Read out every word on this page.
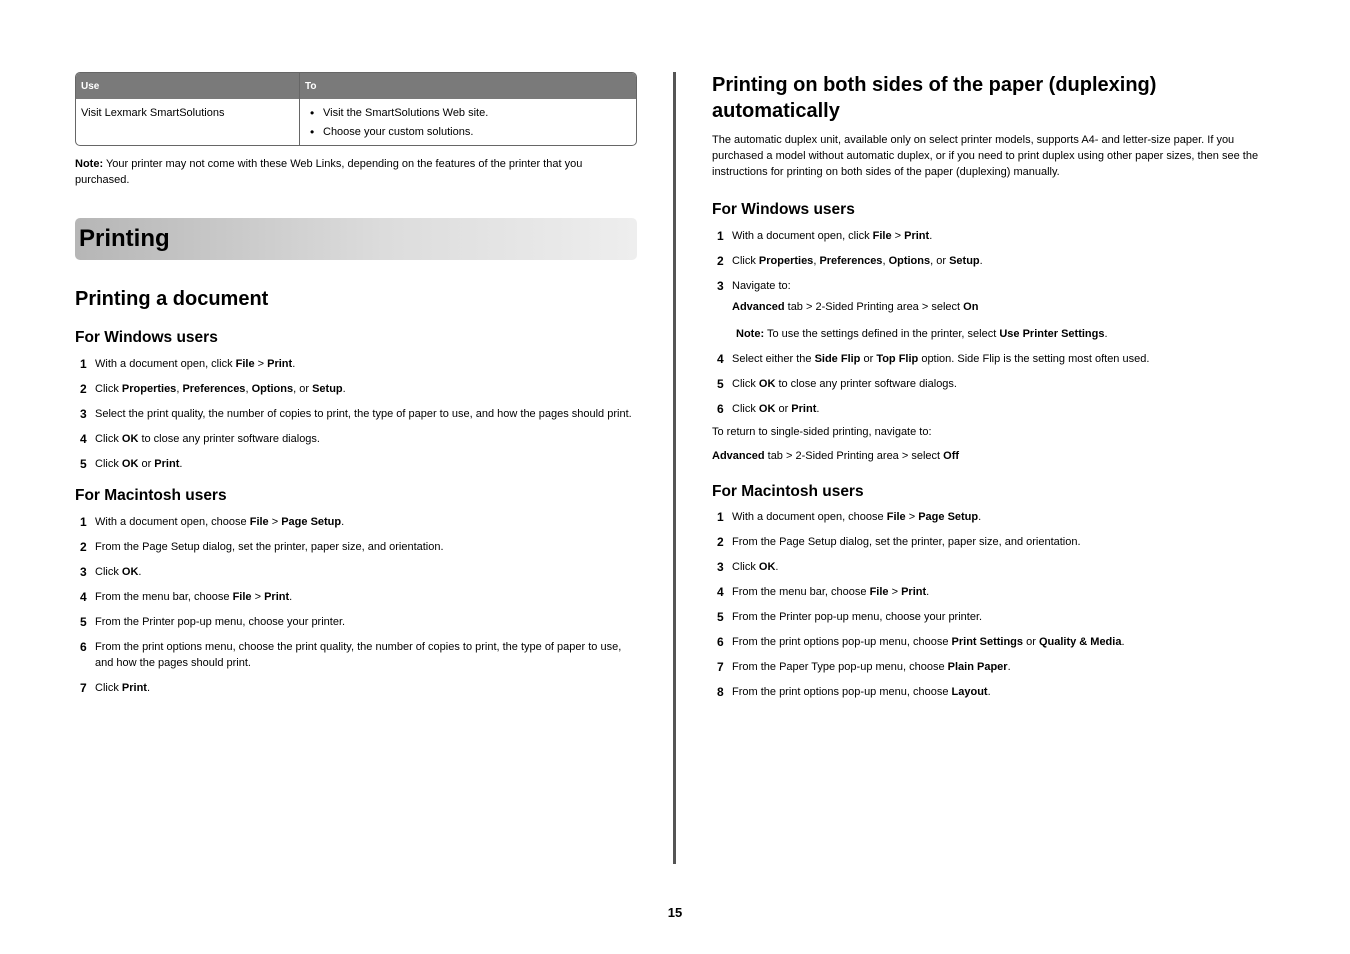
Use	To
Visit Lexmark SmartSolutions
•	Visit the SmartSolutions Web site.
• Choose your custom solutions.

Note: Your printer may not come with these Web Links, depending on the features of the printer that you purchased.

Printing
Printing a document
For Windows users
1 With a document open, click File > Print.
2 Click Properties, Preferences, Options, or Setup.
3 Select the print quality, the number of copies to print, the type of paper to use, and how the pages should print.
4 Click OK to close any printer software dialogs.
5 Click OK or Print.
For Macintosh users
1 With a document open, choose File > Page Setup.
2 From the Page Setup dialog, set the printer, paper size, and orientation.
3 Click OK.
4 From the menu bar, choose File > Print.
5 From the Printer pop-up menu, choose your printer.
6 From the print options menu, choose the print quality, the number of copies to print, the type of paper to use, and how the pages should print.
7 Click Print.
Printing on both sides of the paper (duplexing) automatically

The automatic duplex unit, available only on select printer models, supports A4- and letter-size paper. If you purchased a model without automatic duplex, or if you need to print duplex using other paper sizes, then see the instructions for printing on both sides of the paper (duplexing) manually.

For Windows users
1 With a document open, click File > Print.
2 Click Properties, Preferences, Options, or Setup.
3 Navigate to:
Advanced tab > 2-Sided Printing area > select On
Note: To use the settings defined in the printer, select Use Printer Settings.
4 Select either the Side Flip or Top Flip option. Side Flip is the setting most often used.
5 Click OK to close any printer software dialogs.
6 Click OK or Print.

To return to single-sided printing, navigate to:

Advanced tab > 2-Sided Printing area > select Off

For Macintosh users
1 With a document open, choose File > Page Setup.
2 From the Page Setup dialog, set the printer, paper size, and orientation.
3 Click OK.
4 From the menu bar, choose File > Print.
5 From the Printer pop-up menu, choose your printer.
6 From the print options pop-up menu, choose Print Settings or Quality & Media.
7 From the Paper Type pop-up menu, choose Plain Paper.
8 From the print options pop-up menu, choose Layout.
15
